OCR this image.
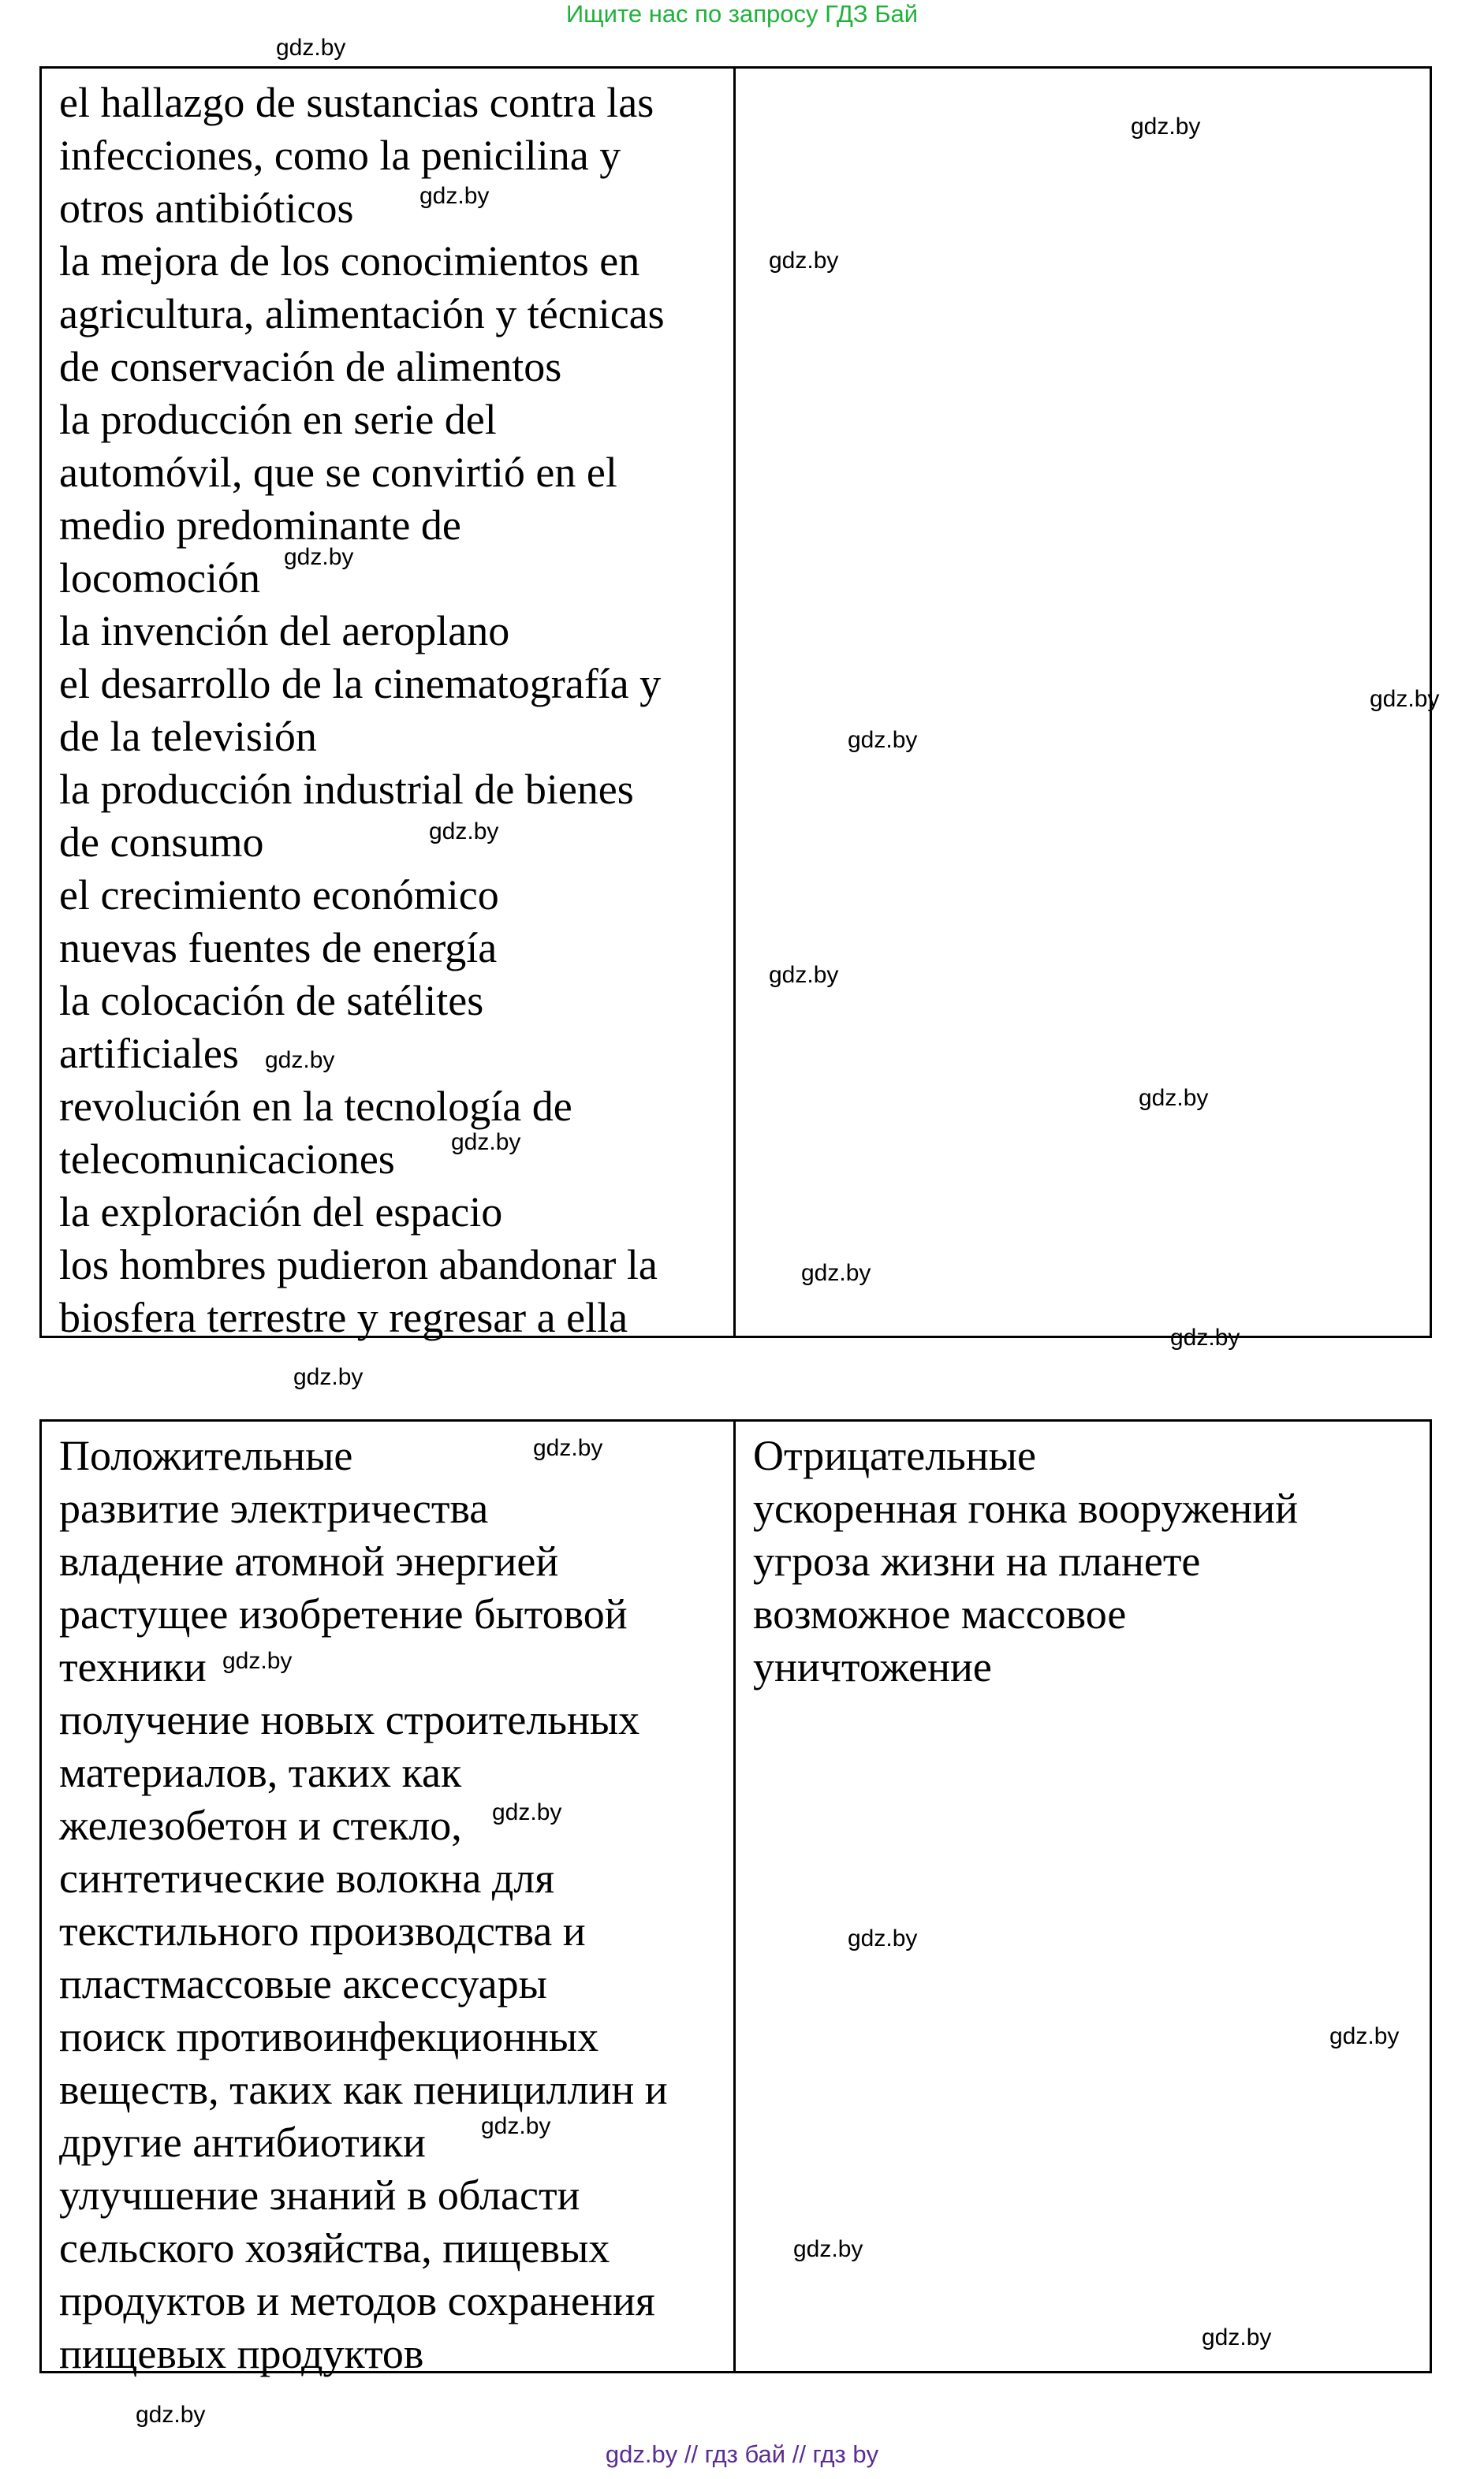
Ищите нас по запросу ГДЗ Бай
el hallazgo de sustancias contra las
infecciones, como la penicilina y
otros antibióticos
la mejora de los conocimientos en
agricultura, alimentación y técnicas
de conservación de alimentos
la producción en serie del
automóvil, que se convirtió en el
medio predominante de
locomoción
la invención del aeroplano
el desarrollo de la cinematografía y
de la televisión
la producción industrial de bienes
de consumo
el crecimiento económico
nuevas fuentes de energía
la colocación de satélites
artificiales
revolución en la tecnología de
telecomunicaciones
la exploración del espacio
los hombres pudieron abandonar la
biosfera terrestre y regresar a ella
Положительные
развитие электричества
владение атомной энергией
растущее изобретение бытовой
техники
получение новых строительных
материалов, таких как
железобетон и стекло,
синтетические волокна для
текстильного производства и
пластмассовые аксессуары
поиск противоинфекционных
веществ, таких как пенициллин и
другие антибиотики
улучшение знаний в области
сельского хозяйства, пищевых
продуктов и методов сохранения
пищевых продуктов
Отрицательные
ускоренная гонка вооружений
угроза жизни на планете
возможное массовое
уничтожение
gdz.by
gdz.by
gdz.by
gdz.by
gdz.by
gdz.by
gdz.by
gdz.by
gdz.by
gdz.by
gdz.by
gdz.by
gdz.by
gdz.by
gdz.by
gdz.by
gdz.by
gdz.by
gdz.by
gdz.by
gdz.by
gdz.by
gdz.by
gdz.by
gdz.by // гдз бай // гдз by
